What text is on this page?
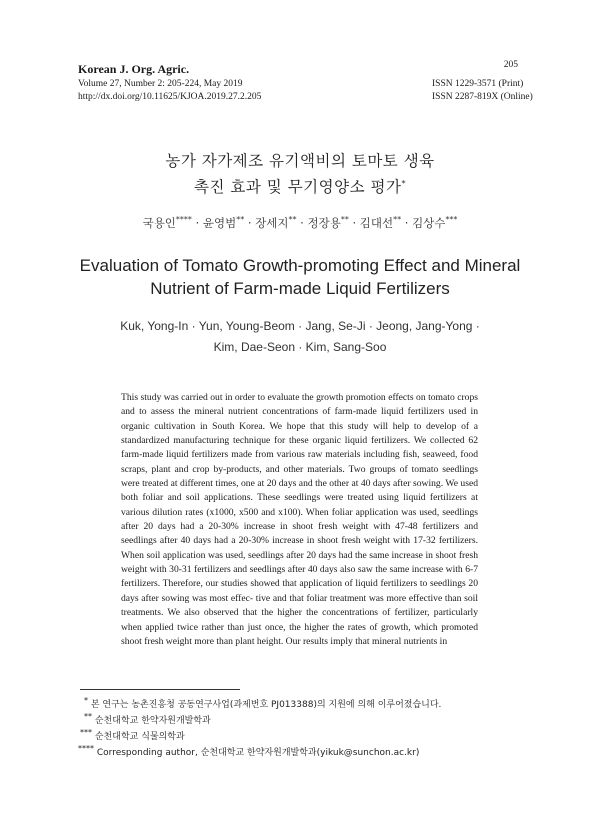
Korean J. Org. Agric.
Volume 27, Number 2: 205-224, May 2019
http://dx.doi.org/10.11625/KJOA.2019.27.2.205
205
ISSN 1229-3571 (Print)
ISSN 2287-819X (Online)
농가 자가제조 유기액비의 토마토 생육
촉진 효과 및 무기영양소 평가*
국용인**** · 윤영범** · 장세지** · 정장용** · 김대선** · 김상수***
Evaluation of Tomato Growth-promoting Effect and Mineral
Nutrient of Farm-made Liquid Fertilizers
Kuk, Yong-In · Yun, Young-Beom · Jang, Se-Ji · Jeong, Jang-Yong ·
Kim, Dae-Seon · Kim, Sang-Soo
This study was carried out in order to evaluate the growth promotion effects on tomato crops and to assess the mineral nutrient concentrations of farm-made liquid fertilizers used in organic cultivation in South Korea. We hope that this study will help to develop of a standardized manufacturing technique for these organic liquid fertilizers. We collected 62 farm-made liquid fertilizers made from various raw materials including fish, seaweed, food scraps, plant and crop by-products, and other materials. Two groups of tomato seedlings were treated at different times, one at 20 days and the other at 40 days after sowing. We used both foliar and soil applications. These seedlings were treated using liquid fertilizers at various dilution rates (x1000, x500 and x100). When foliar application was used, seedlings after 20 days had a 20-30% increase in shoot fresh weight with 47-48 fertilizers and seedlings after 40 days had a 20-30% increase in shoot fresh weight with 17-32 fertilizers. When soil application was used, seedlings after 20 days had the same increase in shoot fresh weight with 30-31 fertilizers and seedlings after 40 days also saw the same increase with 6-7 fertilizers. Therefore, our studies showed that application of liquid fertilizers to seedlings 20 days after sowing was most effec- tive and that foliar treatment was more effective than soil treatments. We also observed that the higher the concentrations of fertilizer, particularly when applied twice rather than just once, the higher the rates of growth, which promoted shoot fresh weight more than plant height. Our results imply that mineral nutrients in
* 본 연구는 농촌진흥청 공동연구사업(과제번호 PJ013388)의 지원에 의해 이루어졌습니다.
** 순천대학교 한약자원개발학과
*** 순천대학교 식물의학과
**** Corresponding author, 순천대학교 한약자원개발학과(yikuk@sunchon.ac.kr)
